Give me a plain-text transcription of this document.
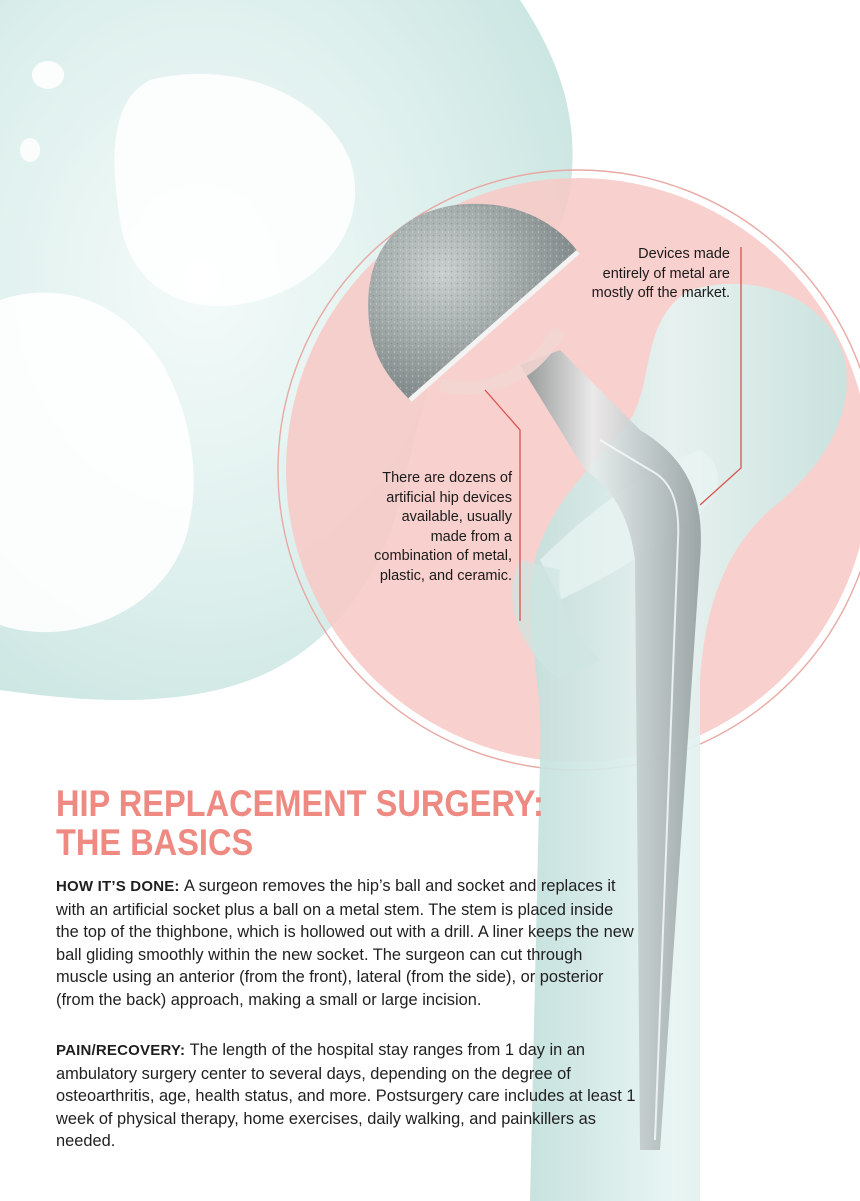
Devices made entirely of metal are mostly off the market.
There are dozens of artificial hip devices available, usually made from a combination of metal, plastic, and ceramic.
HIP REPLACEMENT SURGERY:
THE BASICS

HOW IT’S DONE: A surgeon removes the hip’s ball and socket and replaces it with an artificial socket plus a ball on a metal stem. The stem is placed inside the top of the thighbone, which is hollowed out with a drill. A liner keeps the new ball gliding smoothly within the new socket. The surgeon can cut through muscle using an anterior (from the front), lateral (from the side), or posterior (from the back) approach, making a small or large incision.

PAIN/RECOVERY: The length of the hospital stay ranges from 1 day in an ambulatory surgery center to several days, depending on the degree of osteoarthritis, age, health status, and more. Postsurgery care includes at least 1 week of physical therapy, home exercises, daily walking, and painkillers as needed.
